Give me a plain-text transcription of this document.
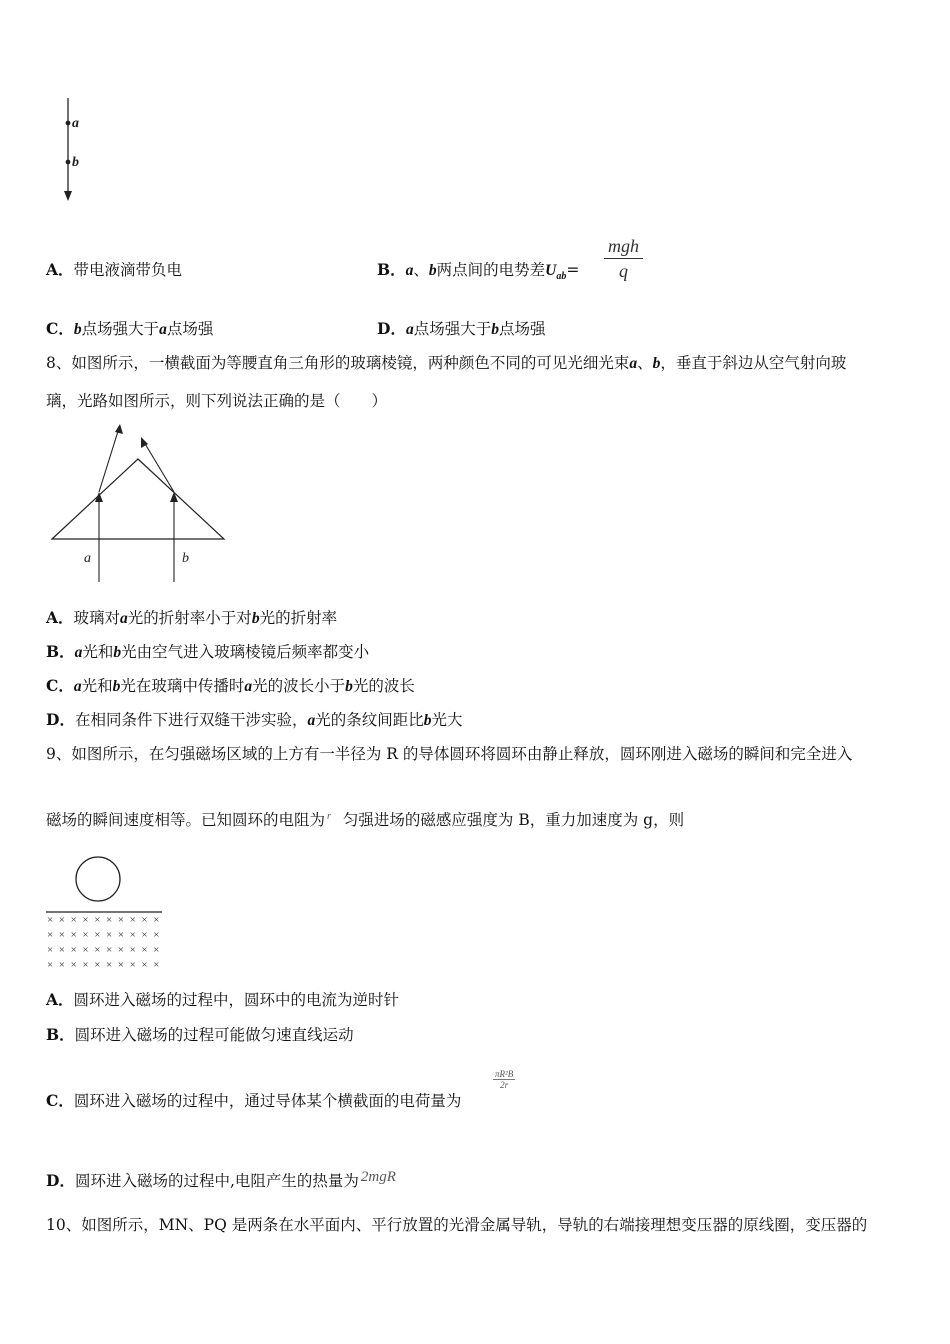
a
b
A．带电液滴带负电	B．a、b两点间的电势差$U_{ab}= \frac{\text{mgh}}{q}$
C．b点场强大于a点场强	D．a点场强大于b点场强
8、如图所示，一横截面为等腰直角三角形的玻璃棱镜，两种颜色不同的可见光细光束a、b，垂直于斜边从空气射向玻
璃，光路如图所示，则下列说法正确的是（　　）
a	b
A．玻璃对a光的折射率小于对b光的折射率
B．a光和b光由空气进入玻璃棱镜后频率都变小
C．a光和b光在玻璃中传播时a光的波长小于b光的波长
D．在相同条件下进行双缝干涉实验，a光的条纹间距比b光大
9、如图所示，在匀强磁场区域的上方有一半径为 R 的导体圆环将圆环由静止释放，圆环刚进入磁场的瞬间和完全进入
磁场的瞬间速度相等。已知圆环的电阻为 $^r$ 匀强进场的磁感应强度为 B，重力加速度为 g，则
× × × × × × × × × ×
× × × × × × × × × ×
× × × × × × × × × ×
× × × × × × × × × ×
A．圆环进入磁场的过程中，圆环中的电流为逆时针
B．圆环进入磁场的过程可能做匀速直线运动
C．圆环进入磁场的过程中，通过导体某个横截面的电荷量为
$\frac{\text{πR²B}}{2r}$
D．圆环进入磁场的过程中,电阻产生的热量为 2mgR
10、如图所示，MN、PQ 是两条在水平面内、平行放置的光滑金属导轨，导轨的右端接理想变压器的原线圈，变压器的
